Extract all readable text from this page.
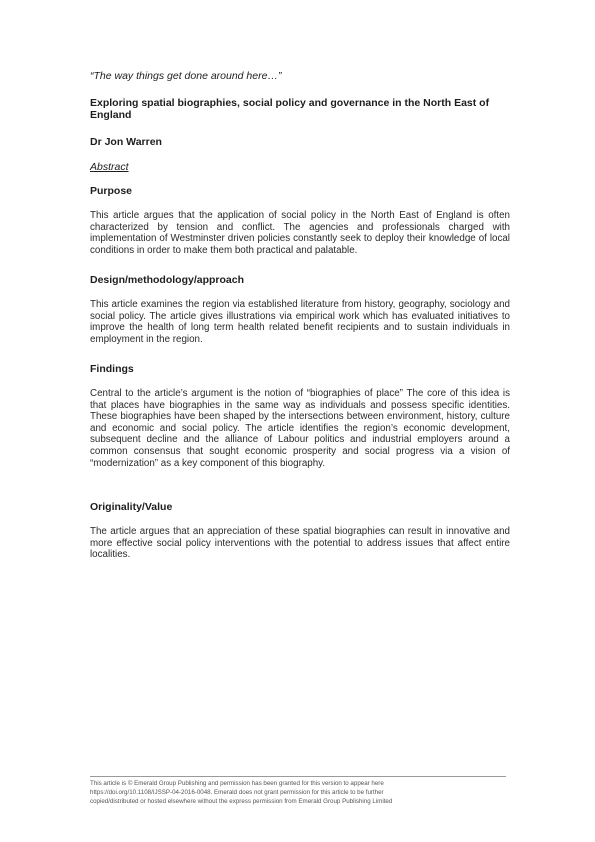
“The way things get done around here…”
Exploring spatial biographies, social policy and governance in the North East of England
Dr Jon Warren
Abstract
Purpose
This article argues that the application of social policy in the North East of England is often characterized by tension and conflict. The agencies and professionals charged with implementation of Westminster driven policies constantly seek to deploy their knowledge of local conditions in order to make them both practical and palatable.
Design/methodology/approach
This article examines the region via established literature from history, geography, sociology and social policy. The article gives illustrations via empirical work which has evaluated initiatives to improve the health of long term health related benefit recipients and to sustain individuals in employment in the region.
Findings
Central to the article’s argument is the notion of “biographies of place” The core of this idea is that places have biographies in the same way as individuals and possess specific identities. These biographies have been shaped by the intersections between environment, history, culture and economic and social policy. The article identifies the region’s economic development, subsequent decline and the alliance of Labour politics and industrial employers around a common consensus that sought economic prosperity and social progress via a vision of “modernization” as a key component of this biography.
Originality/Value
The article argues that an appreciation of these spatial biographies can result in innovative and more effective social policy interventions with the potential to address issues that affect entire localities.
This article is © Emerald Group Publishing and permission has been granted for this version to appear here
https://doi.org/10.1108/IJSSP-04-2016-0048. Emerald does not grant permission for this article to be further
copied/distributed or hosted elsewhere without the express permission from Emerald Group Publishing Limited
